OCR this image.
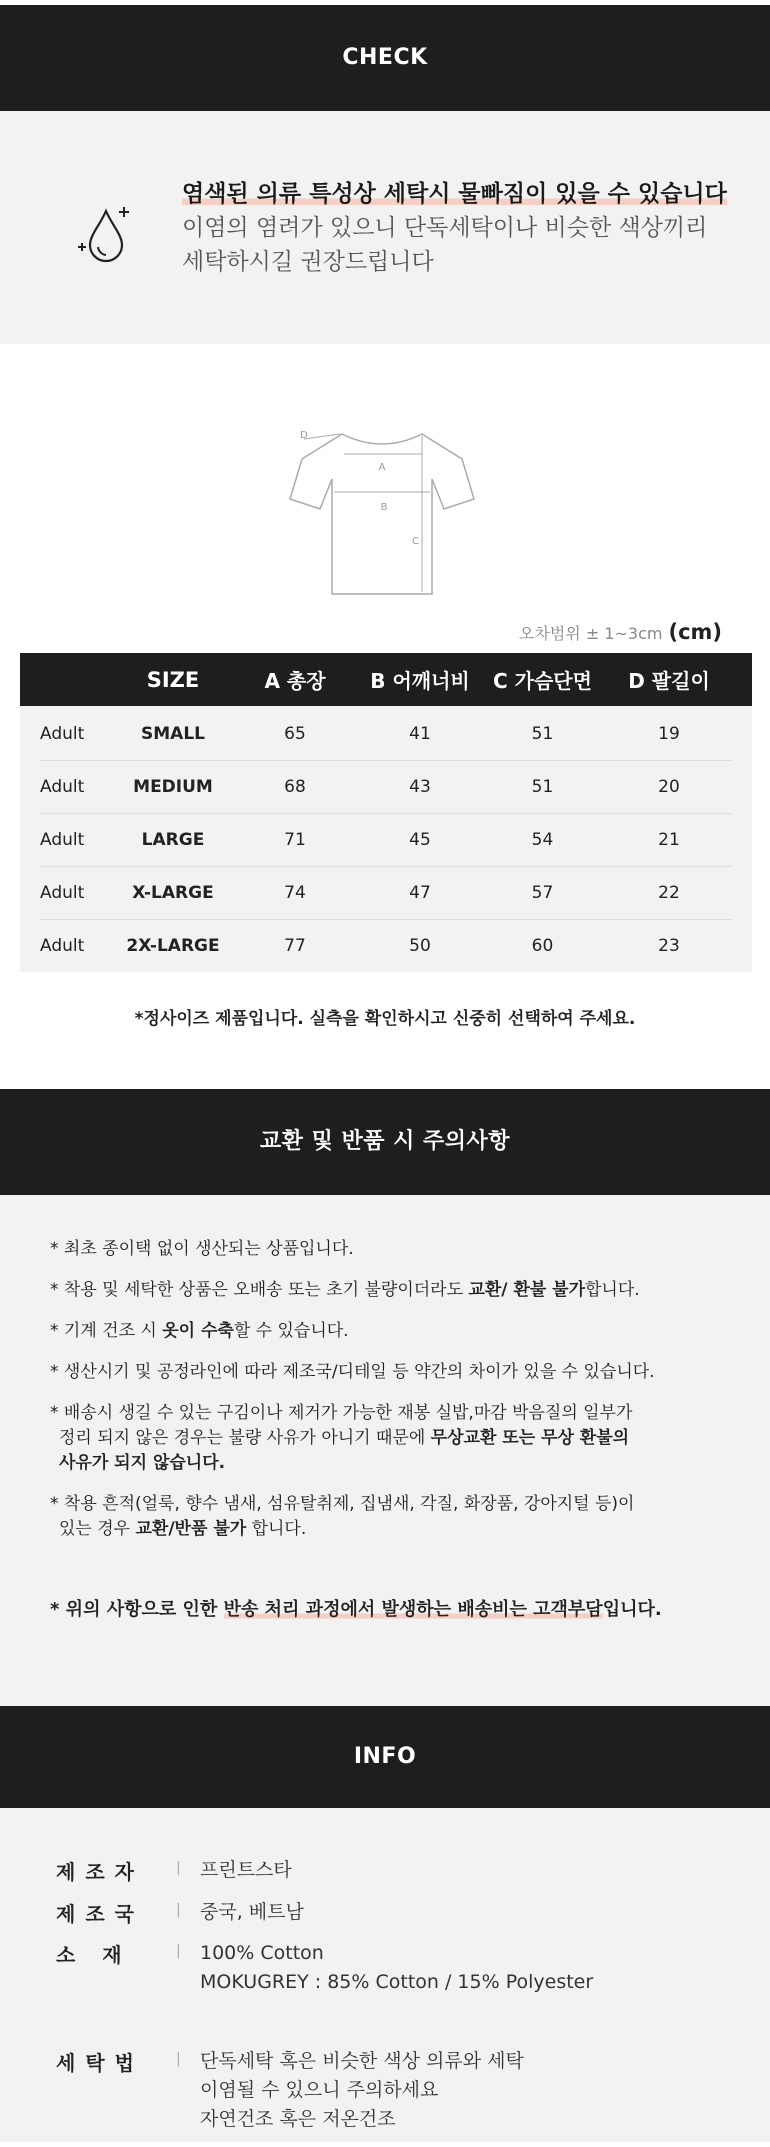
CHECK
염색된 의류 특성상 세탁시 물빠짐이 있을 수 있습니다
이염의 염려가 있으니 단독세탁이나 비슷한 색상끼리
세탁하시길 권장드립니다
A
B
C
D
오차범위 ± 1~3cm (cm)
SIZE	A 총장	B 어깨너비	C 가슴단면	D 팔길이
Adult	SMALL	65	41	51	19
Adult	MEDIUM	68	43	51	20
Adult	LARGE	71	45	54	21
Adult	X-LARGE	74	47	57	22
Adult	2X-LARGE	77	50	60	23
*정사이즈 제품입니다. 실측을 확인하시고 신중히 선택하여 주세요.
교환 및 반품 시 주의사항
* 최초 종이택 없이 생산되는 상품입니다.
* 착용 및 세탁한 상품은 오배송 또는 초기 불량이더라도 교환/ 환불 불가합니다.
* 기계 건조 시 옷이 수축할 수 있습니다.
* 생산시기 및 공정라인에 따라 제조국/디테일 등 약간의 차이가 있을 수 있습니다.
* 배송시 생길 수 있는 구김이나 제거가 가능한 재봉 실밥,마감 박음질의 일부가
정리 되지 않은 경우는 불량 사유가 아니기 때문에 무상교환 또는 무상 환불의
사유가 되지 않습니다.
* 착용 흔적(얼룩, 향수 냄새, 섬유탈취제, 집냄새, 각질, 화장품, 강아지털 등)이
있는 경우 교환/반품 불가 합니다.
* 위의 사항으로 인한 반송 처리 과정에서 발생하는 배송비는 고객부담입니다.
INFO
제조자	|	프린트스타
제조국	|	중국, 베트남
소 재	|	100% Cotton
MOKUGREY : 85% Cotton / 15% Polyester
세탁법	|	단독세탁 혹은 비슷한 색상 의류와 세탁
이염될 수 있으니 주의하세요
자연건조 혹은 저온건조
